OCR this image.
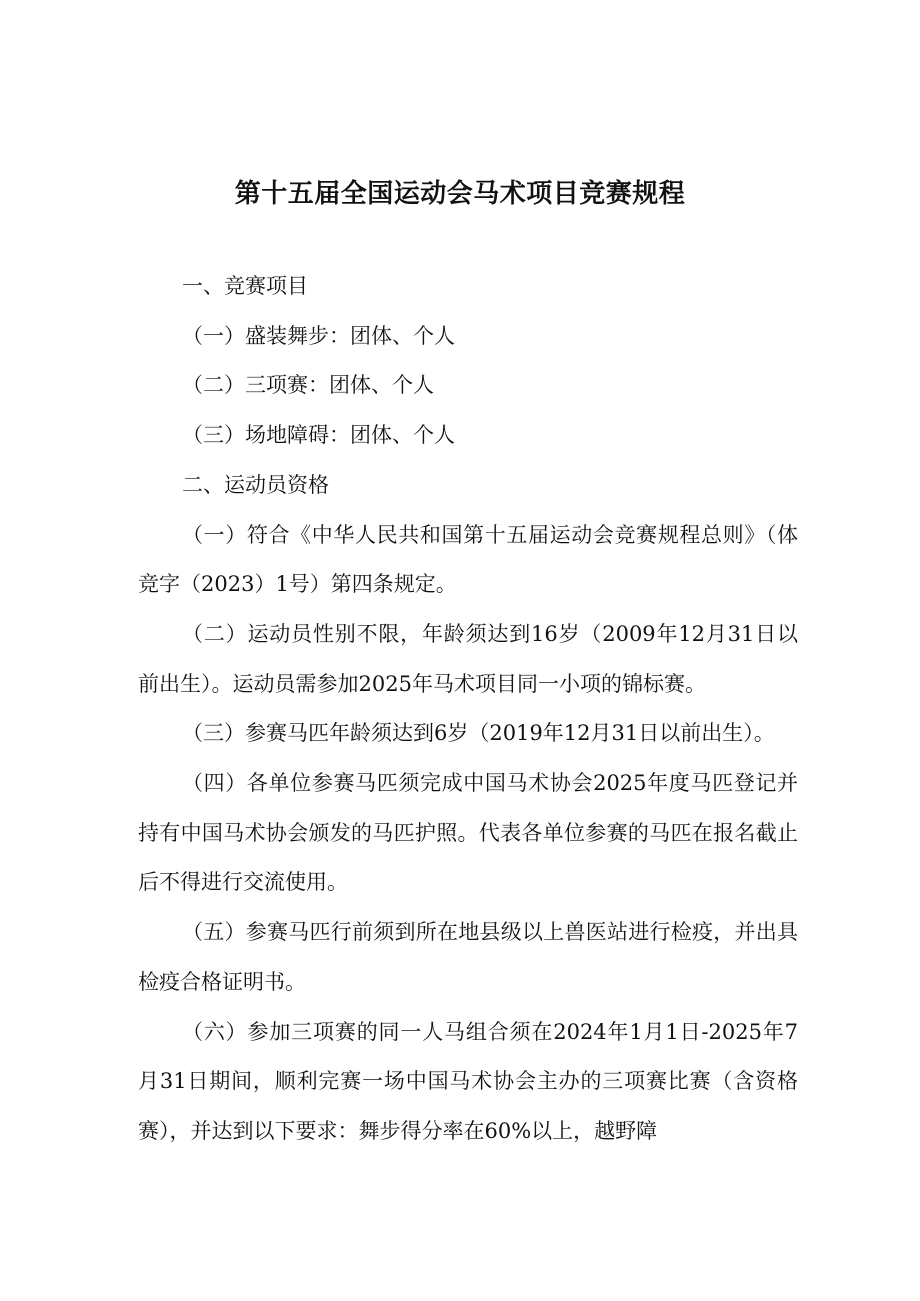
第十五届全国运动会马术项目竞赛规程

一、竞赛项目

（一）盛装舞步：团体、个人

（二）三项赛：团体、个人

（三）场地障碍：团体、个人

二、运动员资格

（一）符合《中华人民共和国第十五届运动会竞赛规程总则》（体竞字（2023）1号）第四条规定。

（二）运动员性别不限，年龄须达到16岁（2009年12月31日以前出生）。运动员需参加2025年马术项目同一小项的锦标赛。

（三）参赛马匹年龄须达到6岁（2019年12月31日以前出生）。

（四）各单位参赛马匹须完成中国马术协会2025年度马匹登记并持有中国马术协会颁发的马匹护照。代表各单位参赛的马匹在报名截止后不得进行交流使用。

（五）参赛马匹行前须到所在地县级以上兽医站进行检疫，并出具检疫合格证明书。

（六）参加三项赛的同一人马组合须在2024年1月1日-2025年7月31日期间，顺利完赛一场中国马术协会主办的三项赛比赛（含资格赛），并达到以下要求：舞步得分率在60%以上，越野障
